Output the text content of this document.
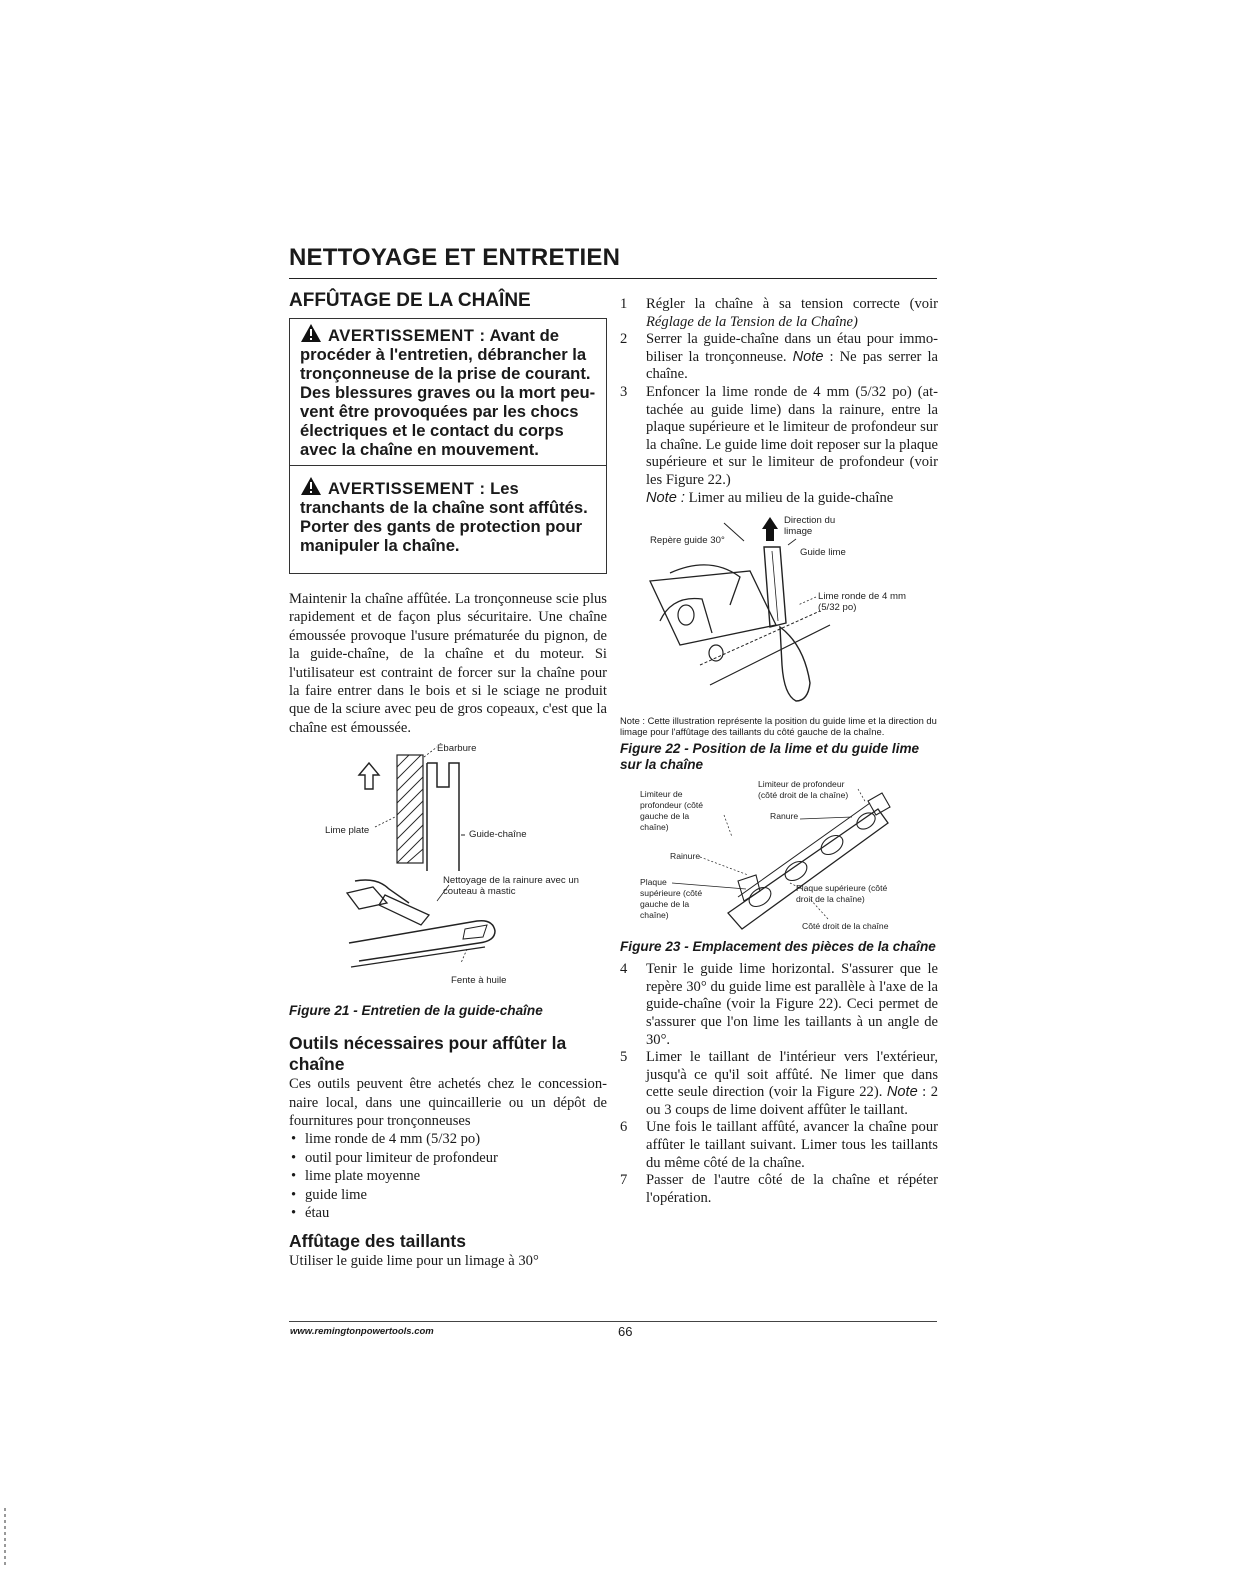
NETTOYAGE ET ENTRETIEN
AFFÛTAGE DE LA CHAÎNE
AVERTISSEMENT : Avant de procéder à l'entretien, débrancher la tronçonneuse de la prise de courant. Des blessures graves ou la mort peu-vent être provoquées par les chocs électriques et le contact du corps avec la chaîne en mouvement.
AVERTISSEMENT : Les tranchants de la chaîne sont affûtés. Porter des gants de protection pour manipuler la chaîne.

Maintenir la chaîne affûtée. La tronçonneuse scie plus rapidement et de façon plus sécuritaire. Une chaîne émoussée provoque l'usure prématurée du pignon, de la guide-chaîne, de la chaîne et du moteur. Si l'utilisateur est contraint de forcer sur la chaîne pour la faire entrer dans le bois et si le sciage ne produit que de la sciure avec peu de gros copeaux, c'est que la chaîne est émoussée.

Ébarbure
Lime plate	Guide-chaîne
Nettoyage de la rainure avec un couteau à mastic
Fente à huile

Figure 21 - Entretien de la guide-chaîne

Outils nécessaires pour affûter la chaîne

Ces outils peuvent être achetés chez le concession-naire local, dans une quincaillerie ou un dépôt de fournitures pour tronçonneuses

• lime ronde de 4 mm (5/32 po)
• outil pour limiteur de profondeur
• lime plate moyenne
• guide lime
• étau
Affûtage des taillants

Utiliser le guide lime pour un limage à 30°

1 Régler la chaîne à sa tension correcte (voir Réglage de la Tension de la Chaîne)
2 Serrer la guide-chaîne dans un étau pour immo-biliser la tronçonneuse. Note : Ne pas serrer la chaîne.
3 Enfoncer la lime ronde de 4 mm (5/32 po) (at-tachée au guide lime) dans la rainure, entre la plaque supérieure et le limiteur de profondeur sur la chaîne. Le guide lime doit reposer sur la plaque supérieure et sur le limiteur de profondeur (voir les Figure 22.)
Note : Limer au milieu de la guide-chaîne
Direction du limage
Repère guide 30°
Guide lime
Lime ronde de 4 mm (5/32 po)

Note : Cette illustration représente la position du guide lime et la direction du limage pour l'affûtage des taillants du côté gauche de la chaîne.

Figure 22 - Position de la lime et du guide lime sur la chaîne

Limiteur de profondeur (côté droit de la chaîne)
Limiteur de profondeur (côté gauche de la chaîne)
Ranure
Rainure
Plaque supérieure (côté gauche de la chaîne)
Plaque supérieure (côté droit de la chaîne)
Côté droit de la chaîne

Figure 23 - Emplacement des pièces de la chaîne

4 Tenir le guide lime horizontal. S'assurer que le repère 30° du guide lime est parallèle à l'axe de la guide-chaîne (voir la Figure 22). Ceci permet de s'assurer que l'on lime les taillants à un angle de 30°.
5 Limer le taillant de l'intérieur vers l'extérieur, jusqu'à ce qu'il soit affûté. Ne limer que dans cette seule direction (voir la Figure 22). Note : 2 ou 3 coups de lime doivent affûter le taillant.
6 Une fois le taillant affûté, avancer la chaîne pour affûter le taillant suivant. Limer tous les taillants du même côté de la chaîne.
7 Passer de l'autre côté de la chaîne et répéter l'opération.
www.remingtonpowertools.com	66
